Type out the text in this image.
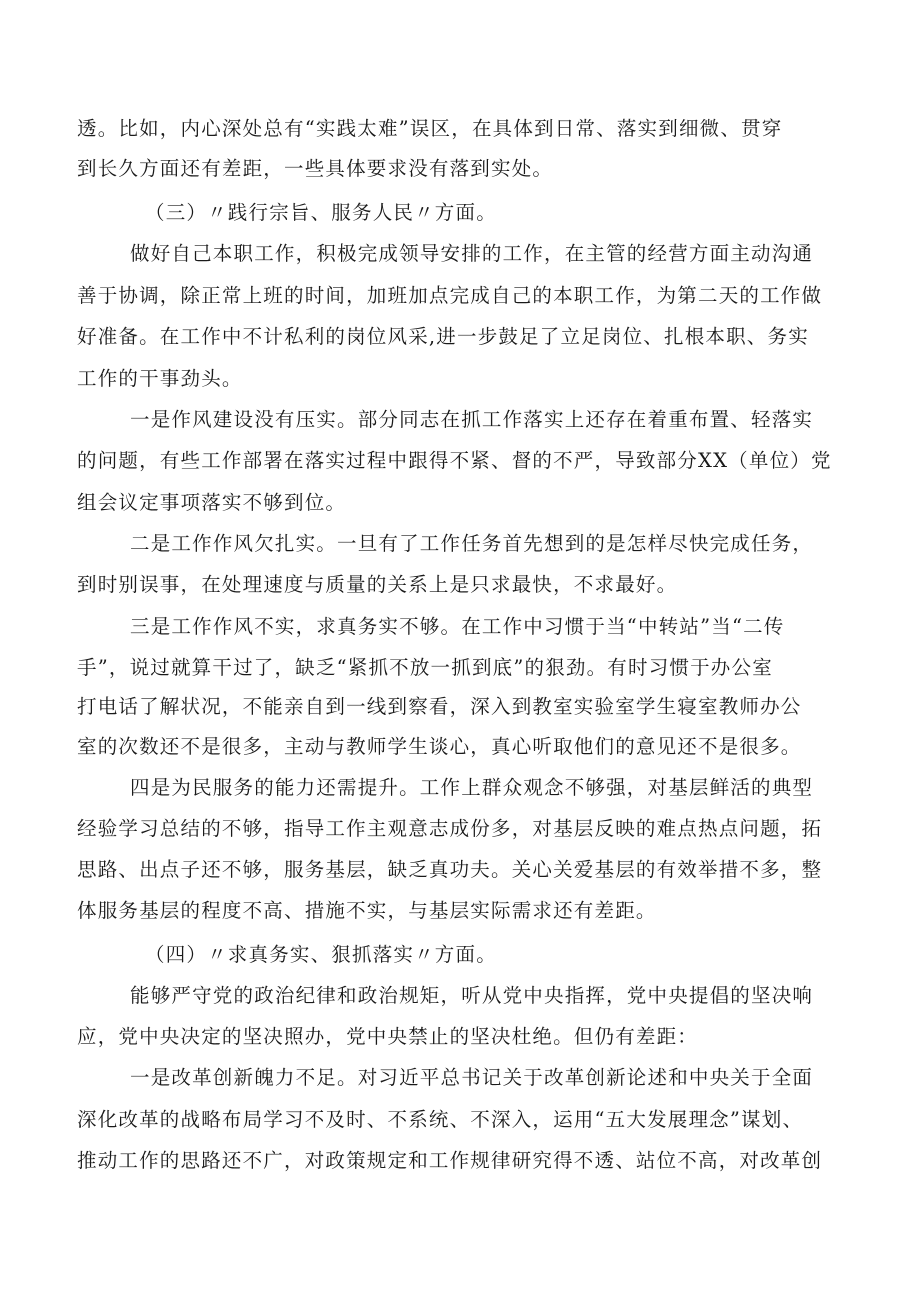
透。比如，内心深处总有“实践太难”误区，在具体到日常、落实到细微、贯穿
到长久方面还有差距，一些具体要求没有落到实处。
（三）〃践行宗旨、服务人民〃方面。
做好自己本职工作，积极完成领导安排的工作，在主管的经营方面主动沟通
善于协调，除正常上班的时间，加班加点完成自己的本职工作，为第二天的工作做
好准备。在工作中不计私利的岗位风采,进一步鼓足了立足岗位、扎根本职、务实
工作的干事劲头。
一是作风建设没有压实。部分同志在抓工作落实上还存在着重布置、轻落实
的问题，有些工作部署在落实过程中跟得不紧、督的不严，导致部分XX（单位）党
组会议定事项落实不够到位。
二是工作作风欠扎实。一旦有了工作任务首先想到的是怎样尽快完成任务，
到时别误事，在处理速度与质量的关系上是只求最快，不求最好。
三是工作作风不实，求真务实不够。在工作中习惯于当“中转站”当“二传
手”，说过就算干过了，缺乏“紧抓不放一抓到底”的狠劲。有时习惯于办公室
打电话了解状况，不能亲自到一线到察看，深入到教室实验室学生寝室教师办公
室的次数还不是很多，主动与教师学生谈心，真心听取他们的意见还不是很多。
四是为民服务的能力还需提升。工作上群众观念不够强，对基层鲜活的典型
经验学习总结的不够，指导工作主观意志成份多，对基层反映的难点热点问题，拓
思路、出点子还不够，服务基层，缺乏真功夫。关心关爱基层的有效举措不多，整
体服务基层的程度不高、措施不实，与基层实际需求还有差距。
（四）〃求真务实、狠抓落实〃方面。
能够严守党的政治纪律和政治规矩，听从党中央指挥，党中央提倡的坚决响
应，党中央决定的坚决照办，党中央禁止的坚决杜绝。但仍有差距：
一是改革创新魄力不足。对习近平总书记关于改革创新论述和中央关于全面
深化改革的战略布局学习不及时、不系统、不深入，运用“五大发展理念”谋划、
推动工作的思路还不广，对政策规定和工作规律研究得不透、站位不高，对改革创
